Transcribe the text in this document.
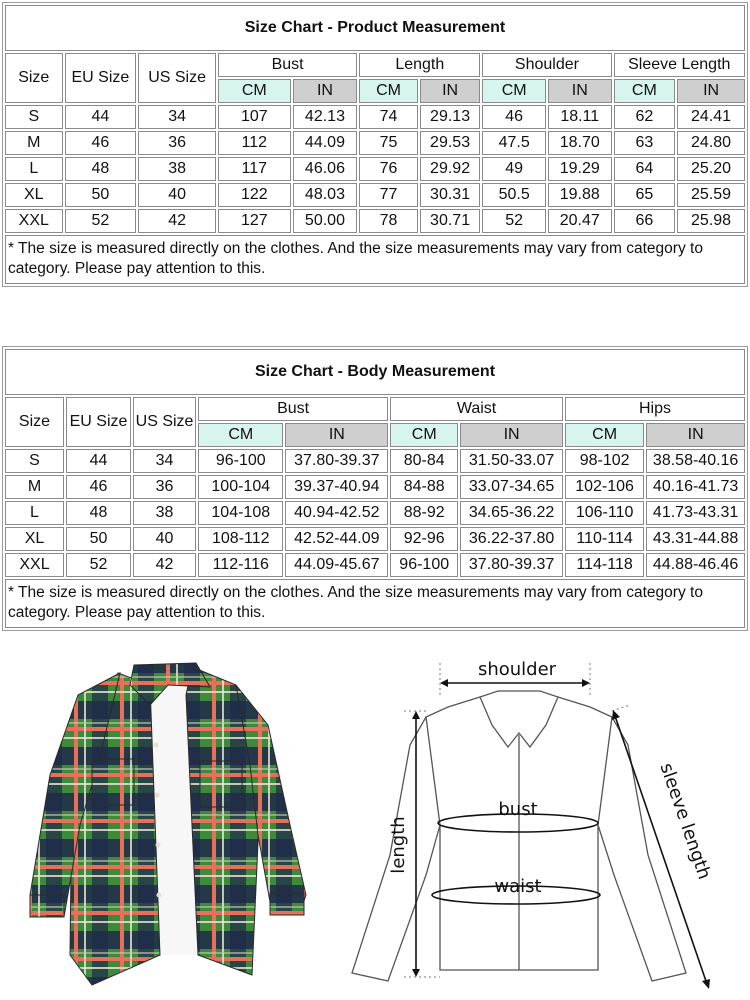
Size Chart - Product Measurement										
Size	EU Size	US Size	Bust		Length		Shoulder		Sleeve Length	
			CM	IN	CM	IN	CM	IN	CM	IN
S	44	34	107	42.13	74	29.13	46	18.11	62	24.41
M	46	36	112	44.09	75	29.53	47.5	18.70	63	24.80
L	48	38	117	46.06	76	29.92	49	19.29	64	25.20
XL	50	40	122	48.03	77	30.31	50.5	19.88	65	25.59
XXL	52	42	127	50.00	78	30.71	52	20.47	66	25.98
* The size is measured directly on the clothes. And the size measurements may vary from category to category. Please pay attention to this.										
Size Chart - Body Measurement								
Size	EU Size	US Size	Bust		Waist		Hips	
			CM	IN	CM	IN	CM	IN
S	44	34	96-100	37.80-39.37	80-84	31.50-33.07	98-102	38.58-40.16
M	46	36	100-104	39.37-40.94	84-88	33.07-34.65	102-106	40.16-41.73
L	48	38	104-108	40.94-42.52	88-92	34.65-36.22	106-110	41.73-43.31
XL	50	40	108-112	42.52-44.09	92-96	36.22-37.80	110-114	43.31-44.88
XXL	52	42	112-116	44.09-45.67	96-100	37.80-39.37	114-118	44.88-46.46
* The size is measured directly on the clothes. And the size measurements may vary from category to category. Please pay attention to this.								
shoulder
bust
waist
length	sleeve length
